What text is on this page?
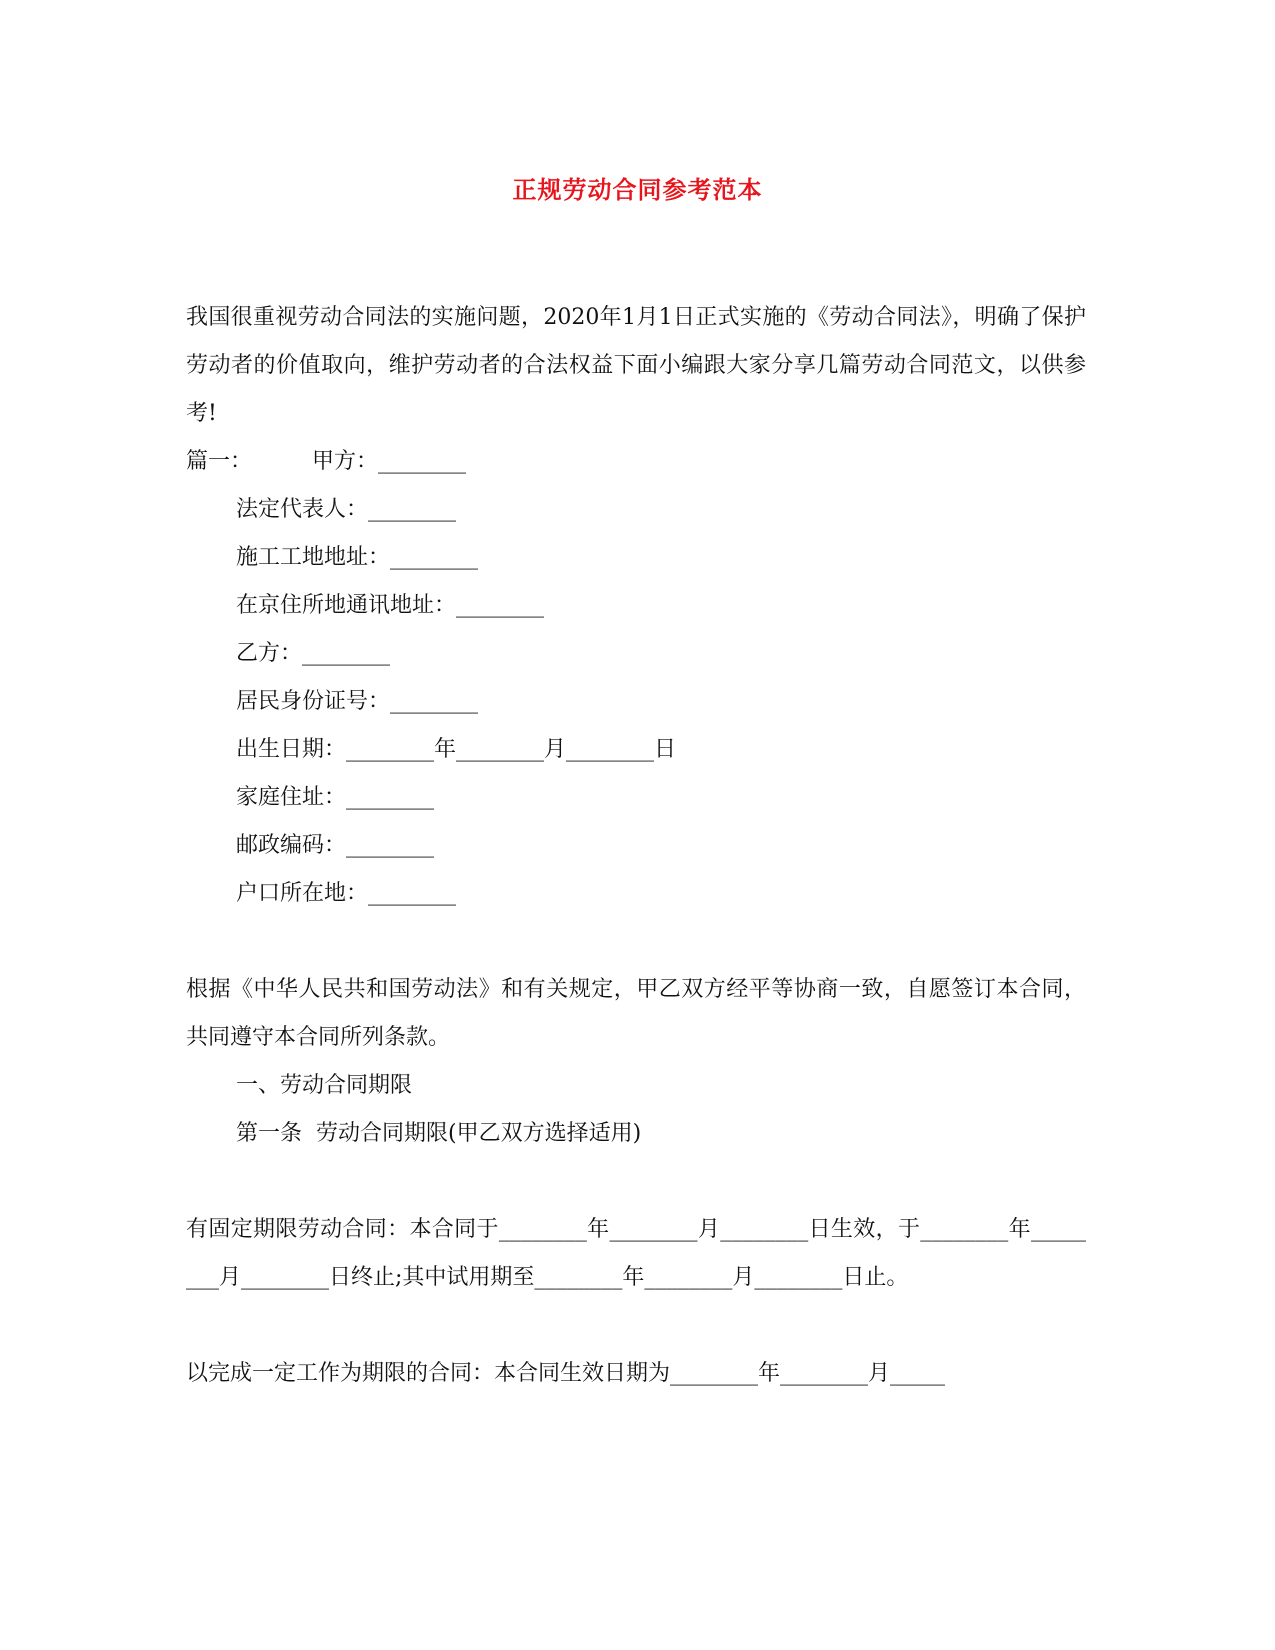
正规劳动合同参考范本

我国很重视劳动合同法的实施问题，2020年1月1日正式实施的《劳动合同法》，明确了保护劳动者的价值取向，维护劳动者的合法权益下面小编跟大家分享几篇劳动合同范文，以供参考!

篇一：	甲方：________

法定代表人：________

施工工地地址：________

在京住所地通讯地址：________

乙方：________

居民身份证号：________

出生日期：________年________月________日

家庭住址：________

邮政编码：________

户口所在地：________

根据《中华人民共和国劳动法》和有关规定，甲乙双方经平等协商一致，自愿签订本合同，共同遵守本合同所列条款。

一、劳动合同期限

第一条  劳动合同期限(甲乙双方选择适用)

有固定期限劳动合同：本合同于________年________月________日生效，于________年________月________日终止;其中试用期至________年________月________日止。

以完成一定工作为期限的合同：本合同生效日期为________年________月_____
